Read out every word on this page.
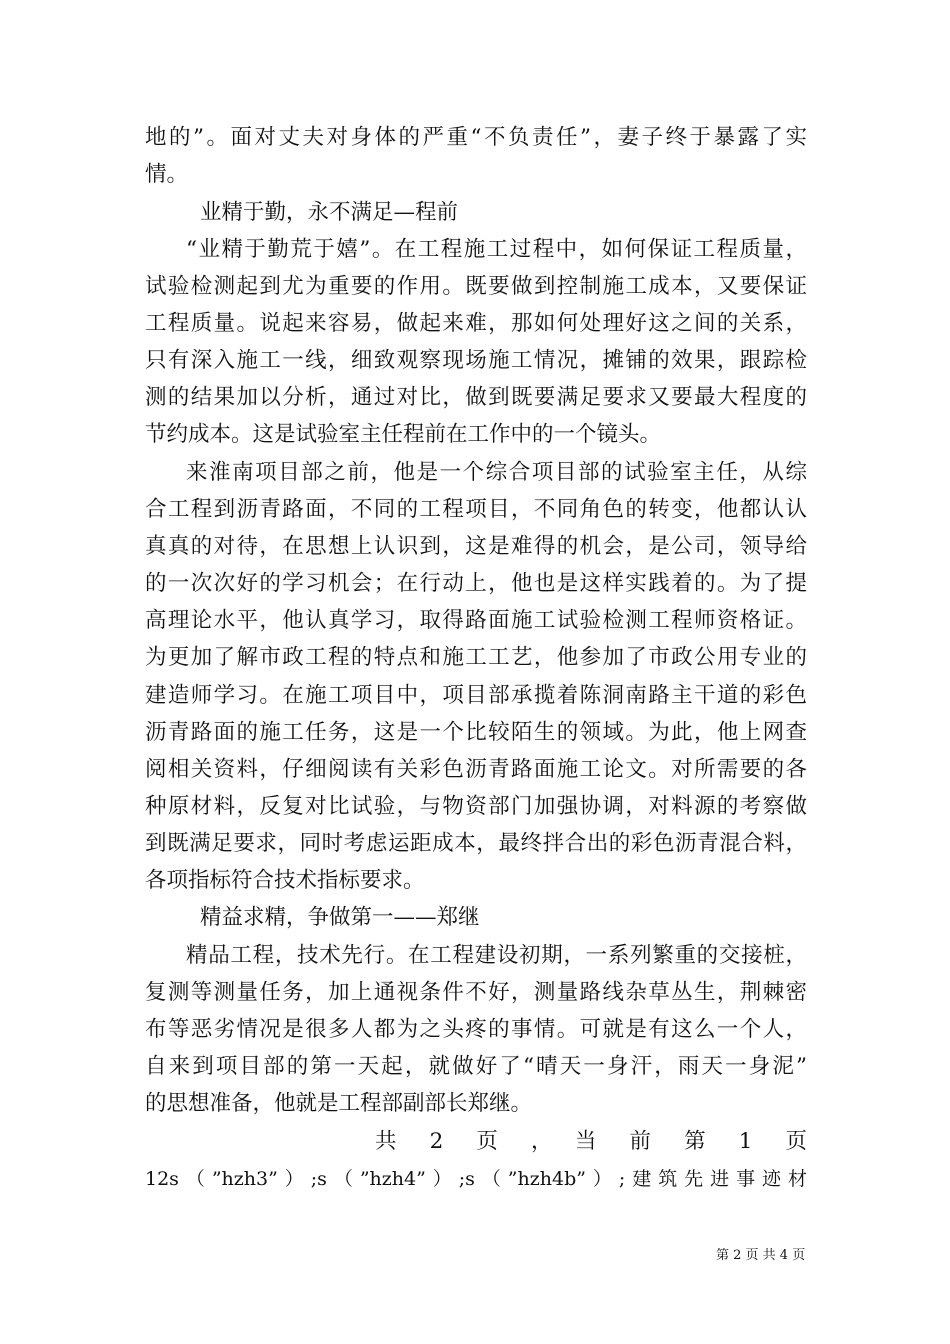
地的”。面对丈夫对身体的严重“不负责任”，妻子终于暴露了实
情。
业精于勤，永不满足—程前
“业精于勤荒于嬉”。在工程施工过程中，如何保证工程质量，
试验检测起到尤为重要的作用。既要做到控制施工成本，又要保证
工程质量。说起来容易，做起来难，那如何处理好这之间的关系，
只有深入施工一线，细致观察现场施工情况，摊铺的效果，跟踪检
测的结果加以分析，通过对比，做到既要满足要求又要最大程度的
节约成本。这是试验室主任程前在工作中的一个镜头。
来淮南项目部之前，他是一个综合项目部的试验室主任，从综
合工程到沥青路面，不同的工程项目，不同角色的转变，他都认认
真真的对待，在思想上认识到，这是难得的机会，是公司，领导给
的一次次好的学习机会；在行动上，他也是这样实践着的。为了提
高理论水平，他认真学习，取得路面施工试验检测工程师资格证。
为更加了解市政工程的特点和施工工艺，他参加了市政公用专业的
建造师学习。在施工项目中，项目部承揽着陈洞南路主干道的彩色
沥青路面的施工任务，这是一个比较陌生的领域。为此，他上网查
阅相关资料，仔细阅读有关彩色沥青路面施工论文。对所需要的各
种原材料，反复对比试验，与物资部门加强协调，对料源的考察做
到既满足要求，同时考虑运距成本，最终拌合出的彩色沥青混合料，
各项指标符合技术指标要求。
精益求精，争做第一——郑继
精品工程，技术先行。在工程建设初期，一系列繁重的交接桩，
复测等测量任务，加上通视条件不好，测量路线杂草丛生，荆棘密
布等恶劣情况是很多人都为之头疼的事情。可就是有这么一个人，
自来到项目部的第一天起，就做好了“晴天一身汗，雨天一身泥”
的思想准备，他就是工程部副部长郑继。
共　2　页　，　当　前　第　1　页
12s（”hzh3”）;s（”hzh4”）;s（”hzh4b”）;建筑先进事迹材
第 2 页 共 4 页
